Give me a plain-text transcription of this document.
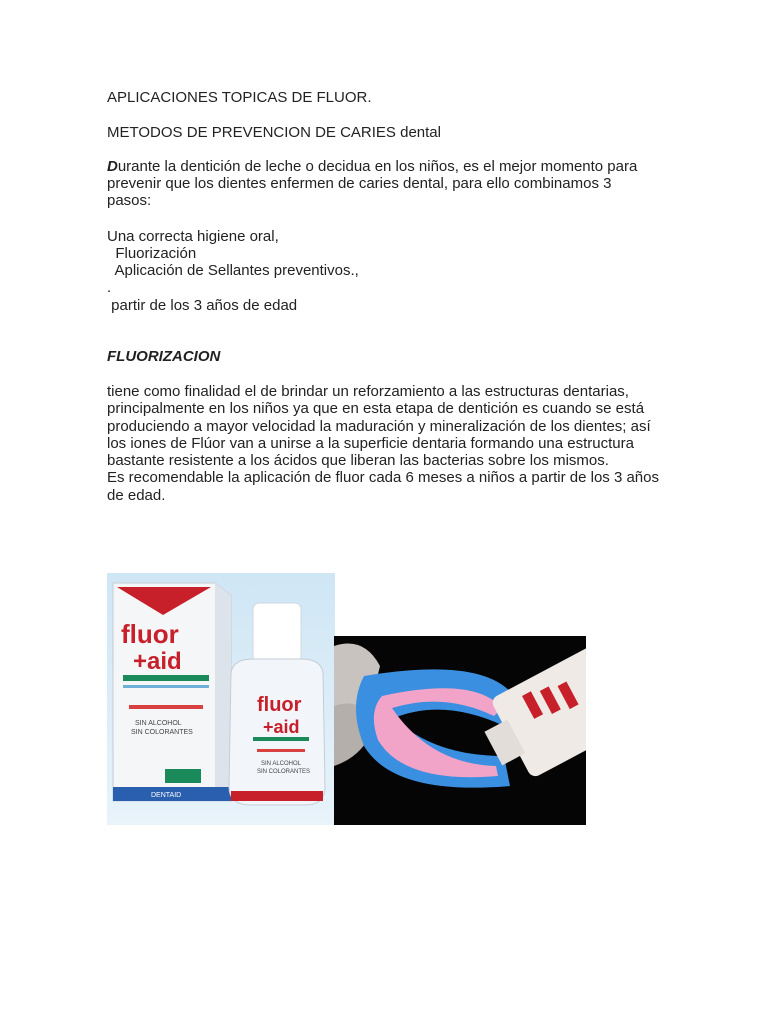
APLICACIONES TOPICAS DE FLUOR.
METODOS DE PREVENCION DE CARIES dental
Durante la dentición de leche o decidua en los niños, es el mejor momento para
prevenir que los dientes enfermen de caries dental, para ello combinamos 3
pasos:
Una correcta higiene oral,
Fluorización
Aplicación de Sellantes preventivos.,
.
partir de los 3 años de edad
FLUORIZACION
tiene como finalidad el de brindar un reforzamiento a las estructuras dentarias,
principalmente en los niños ya que en esta etapa de dentición es cuando se está
produciendo a mayor velocidad la maduración y mineralización de los dientes; así
los iones de Flúor van a unirse a la superficie dentaria formando una estructura
bastante resistente a los ácidos que liberan las bacterias sobre los mismos.
Es recomendable la aplicación de fluor cada 6 meses a niños a partir de los 3 años
de edad.
fluor
+aid
SIN ALCOHOL
SIN COLORANTES
DENTAID
fluor
+aid
SIN ALCOHOL
SIN COLORANTES
